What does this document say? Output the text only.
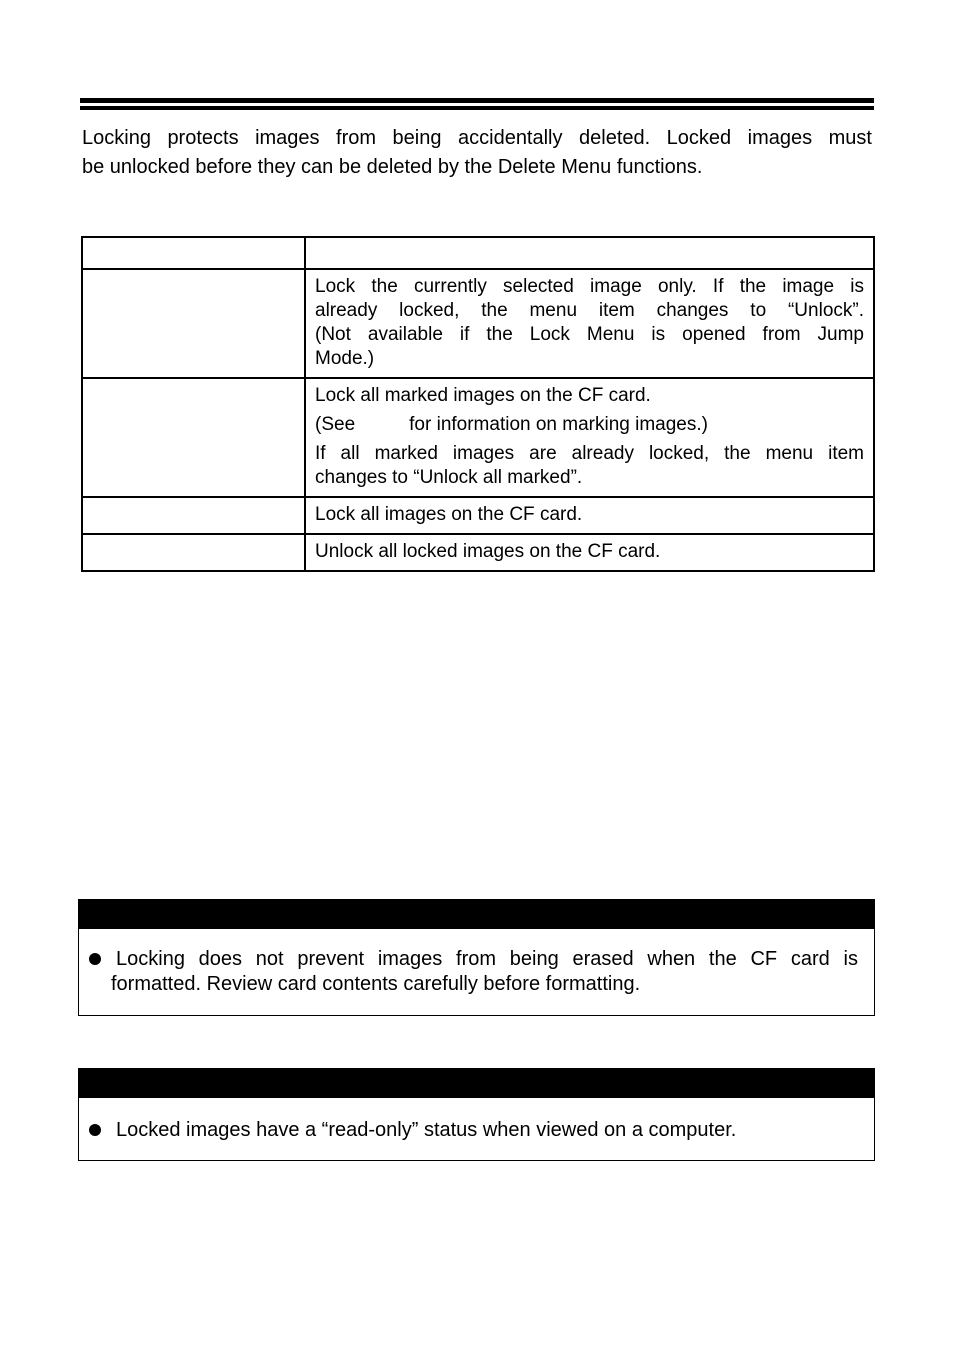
Locking protects images from being accidentally deleted. Locked images must
be unlocked before they can be deleted by the Delete Menu functions.

	Lock the currently selected image only. If the image is
already locked, the menu item changes to “Unlock”.
(Not available if the Lock Menu is opened from Jump
Mode.)

	Lock all marked images on the CF card.

(See for information on marking images.)

If all marked images are already locked, the menu item
changes to “Unlock all marked”.

	Lock all images on the CF card.

	Unlock all locked images on the CF card.
Locking does not prevent images from being erased when the CF card is
formatted. Review card contents carefully before formatting.
Locked images have a “read-only” status when viewed on a computer.
